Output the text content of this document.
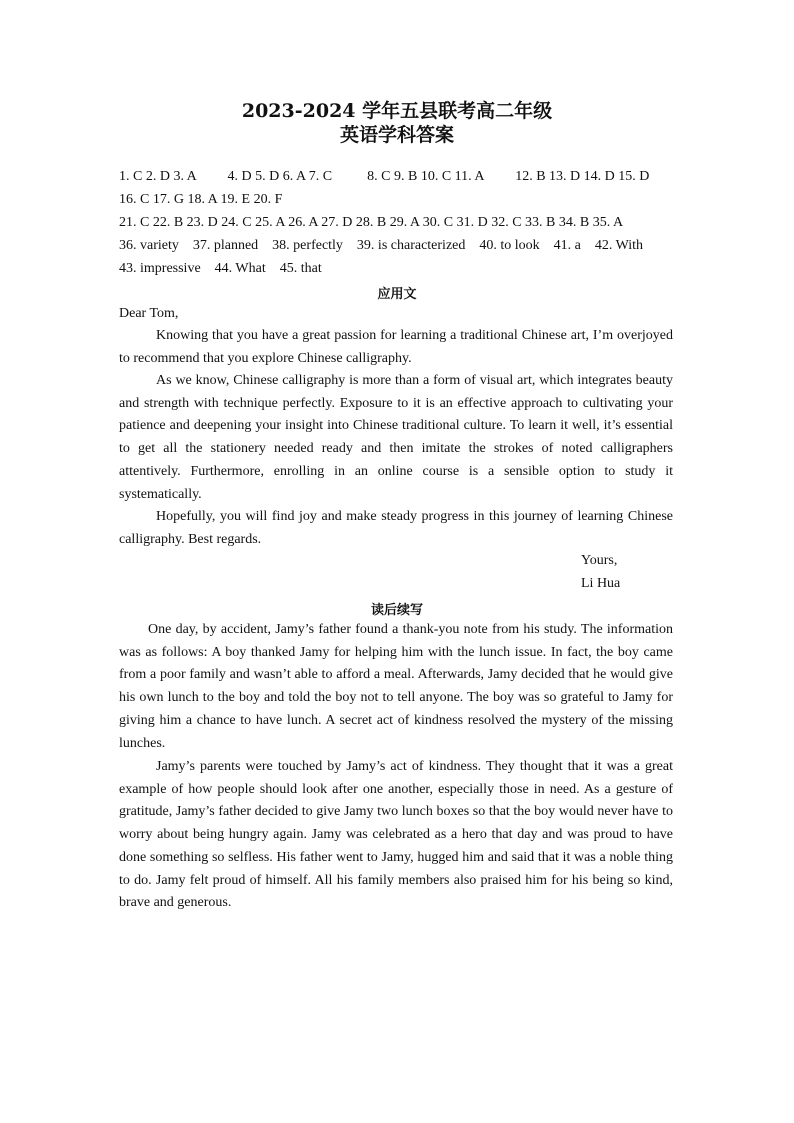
2023-2024 学年五县联考高二年级
英语学科答案
1. C 2. D 3. A         4. D 5. D 6. A 7. C          8. C 9. B 10. C 11. A         12. B 13. D 14. D 15. D
16. C 17. G 18. A 19. E 20. F
21. C 22. B 23. D 24. C 25. A 26. A 27. D 28. B 29. A 30. C 31. D 32. C 33. B 34. B 35. A
36. variety    37. planned    38. perfectly    39. is characterized    40. to look    41. a    42. With
43. impressive    44. What    45. that
应用文
Dear Tom,

Knowing that you have a great passion for learning a traditional Chinese art, I’m overjoyed to recommend that you explore Chinese calligraphy.

As we know, Chinese calligraphy is more than a form of visual art, which integrates beauty and strength with technique perfectly. Exposure to it is an effective approach to cultivating your patience and deepening your insight into Chinese traditional culture. To learn it well, it’s essential to get all the stationery needed ready and then imitate the strokes of noted calligraphers attentively. Furthermore, enrolling in an online course is a sensible option to study it systematically.

Hopefully, you will find joy and make steady progress in this journey of learning Chinese calligraphy. Best regards.

Yours,
Li Hua
读后续写

One day, by accident, Jamy’s father found a thank-you note from his study. The information was as follows: A boy thanked Jamy for helping him with the lunch issue. In fact, the boy came from a poor family and wasn’t able to afford a meal. Afterwards, Jamy decided that he would give his own lunch to the boy and told the boy not to tell anyone. The boy was so grateful to Jamy for giving him a chance to have lunch. A secret act of kindness resolved the mystery of the missing lunches.

Jamy’s parents were touched by Jamy’s act of kindness. They thought that it was a great example of how people should look after one another, especially those in need. As a gesture of gratitude, Jamy’s father decided to give Jamy two lunch boxes so that the boy would never have to worry about being hungry again. Jamy was celebrated as a hero that day and was proud to have done something so selfless. His father went to Jamy, hugged him and said that it was a noble thing to do. Jamy felt proud of himself. All his family members also praised him for his being so kind, brave and generous.
